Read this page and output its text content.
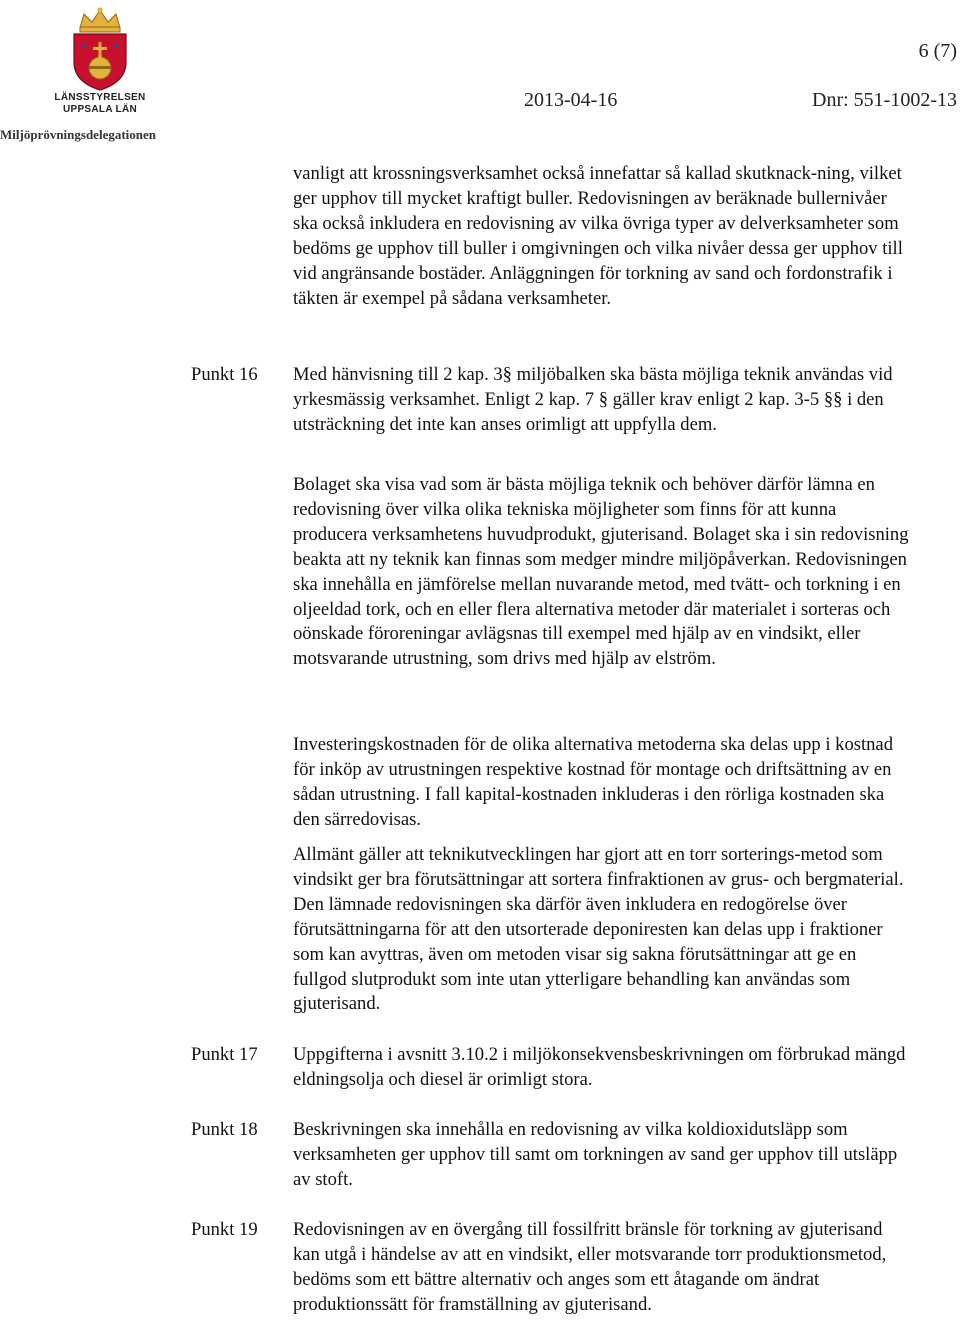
LÄNSSTYRELSEN
UPPSALA LÄN
Miljöprövningsdelegationen
6 (7)
2013-04-16	Dnr: 551-1002-13

vanligt att krossningsverksamhet också innefattar så kallad skutknack-ning, vilket ger upphov till mycket kraftigt buller. Redovisningen av beräknade bullernivåer ska också inkludera en redovisning av vilka övriga typer av delverksamheter som bedöms ge upphov till buller i omgivningen och vilka nivåer dessa ger upphov till vid angränsande bostäder. Anläggningen för torkning av sand och fordonstrafik i täkten är exempel på sådana verksamheter.

Punkt 16 Med hänvisning till 2 kap. 3§ miljöbalken ska bästa möjliga teknik användas vid yrkesmässig verksamhet. Enligt 2 kap. 7 § gäller krav enligt 2 kap. 3-5 §§ i den utsträckning det inte kan anses orimligt att uppfylla dem.

Bolaget ska visa vad som är bästa möjliga teknik och behöver därför lämna en redovisning över vilka olika tekniska möjligheter som finns för att kunna producera verksamhetens huvudprodukt, gjuterisand. Bolaget ska i sin redovisning beakta att ny teknik kan finnas som medger mindre miljöpåverkan. Redovisningen ska innehålla en jämförelse mellan nuvarande metod, med tvätt- och torkning i en oljeeldad tork, och en eller flera alternativa metoder där materialet i sorteras och oönskade föroreningar avlägsnas till exempel med hjälp av en vindsikt, eller motsvarande utrustning, som drivs med hjälp av elström.

Investeringskostnaden för de olika alternativa metoderna ska delas upp i kostnad för inköp av utrustningen respektive kostnad för montage och driftsättning av en sådan utrustning. I fall kapital-kostnaden inkluderas i den rörliga kostnaden ska den särredovisas.

Allmänt gäller att teknikutvecklingen har gjort att en torr sorterings-metod som vindsikt ger bra förutsättningar att sortera finfraktionen av grus- och bergmaterial. Den lämnade redovisningen ska därför även inkludera en redogörelse över förutsättningarna för att den utsorterade deponiresten kan delas upp i fraktioner som kan avyttras, även om metoden visar sig sakna förutsättningar att ge en fullgod slutprodukt som inte utan ytterligare behandling kan användas som gjuterisand.

Punkt 17 Uppgifterna i avsnitt 3.10.2 i miljökonsekvensbeskrivningen om förbrukad mängd eldningsolja och diesel är orimligt stora.

Punkt 18 Beskrivningen ska innehålla en redovisning av vilka koldioxidutsläpp som verksamheten ger upphov till samt om torkningen av sand ger upphov till utsläpp av stoft.

Punkt 19 Redovisningen av en övergång till fossilfritt bränsle för torkning av gjuterisand kan utgå i händelse av att en vindsikt, eller motsvarande torr produktionsmetod, bedöms som ett bättre alternativ och anges som ett åtagande om ändrat produktionssätt för framställning av gjuterisand.
